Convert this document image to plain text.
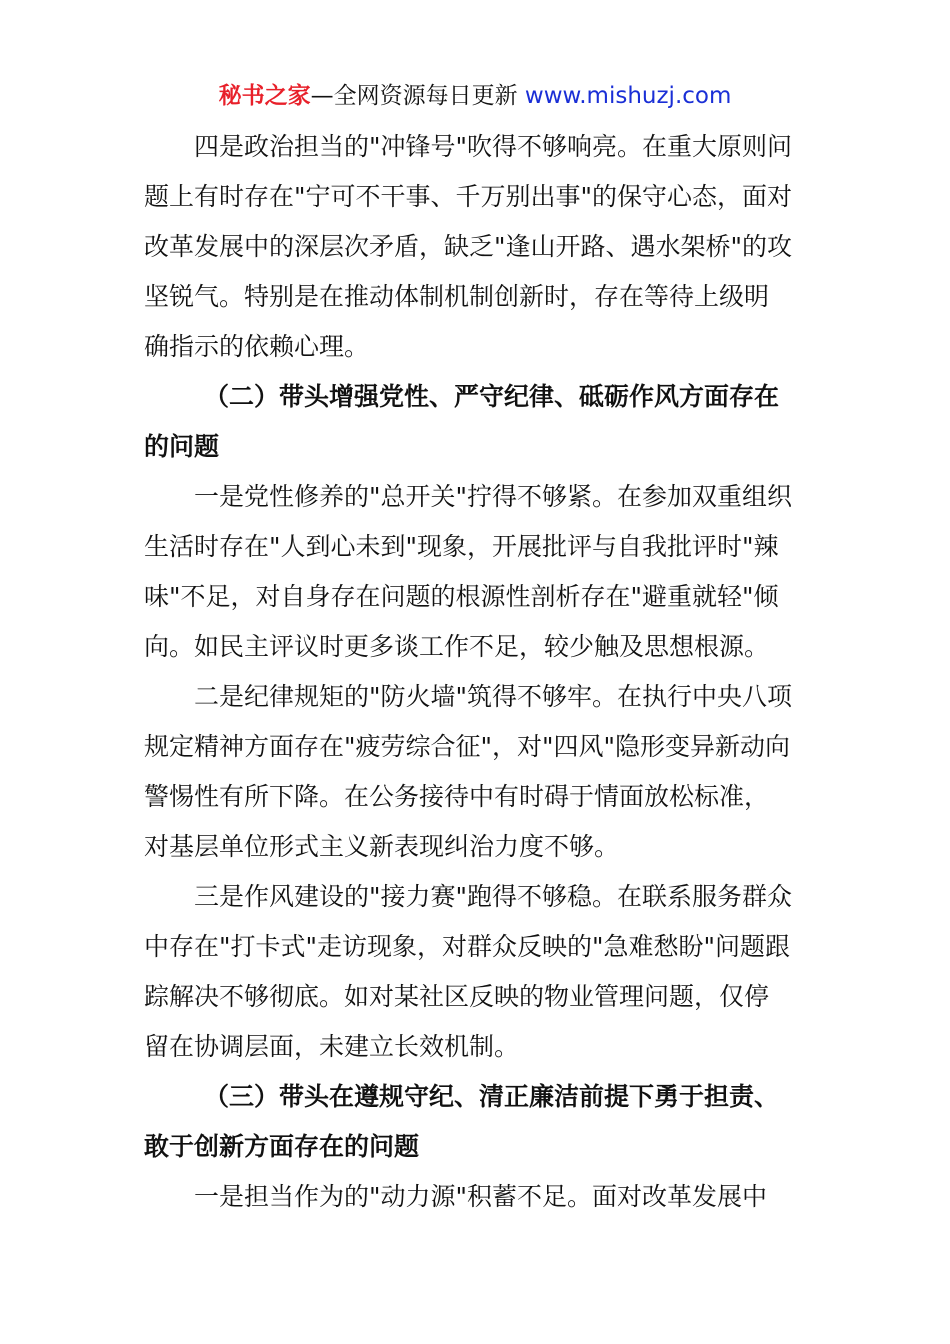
秘书之家—全网资源每日更新 www.mishuzj.com
四是政治担当的"冲锋号"吹得不够响亮。在重大原则问
题上有时存在"宁可不干事、千万别出事"的保守心态，面对
改革发展中的深层次矛盾，缺乏"逢山开路、遇水架桥"的攻
坚锐气。特别是在推动体制机制创新时，存在等待上级明
确指示的依赖心理。
（二）带头增强党性、严守纪律、砥砺作风方面存在
的问题
一是党性修养的"总开关"拧得不够紧。在参加双重组织
生活时存在"人到心未到"现象，开展批评与自我批评时"辣
味"不足，对自身存在问题的根源性剖析存在"避重就轻"倾
向。如民主评议时更多谈工作不足，较少触及思想根源。
二是纪律规矩的"防火墙"筑得不够牢。在执行中央八项
规定精神方面存在"疲劳综合征"，对"四风"隐形变异新动向
警惕性有所下降。在公务接待中有时碍于情面放松标准，
对基层单位形式主义新表现纠治力度不够。
三是作风建设的"接力赛"跑得不够稳。在联系服务群众
中存在"打卡式"走访现象，对群众反映的"急难愁盼"问题跟
踪解决不够彻底。如对某社区反映的物业管理问题，仅停
留在协调层面，未建立长效机制。
（三）带头在遵规守纪、清正廉洁前提下勇于担责、
敢于创新方面存在的问题
一是担当作为的"动力源"积蓄不足。面对改革发展中
